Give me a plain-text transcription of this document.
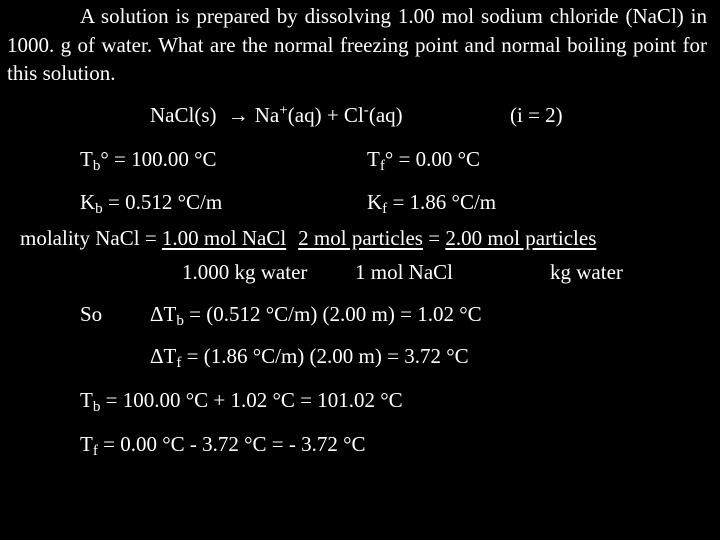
A solution is prepared by dissolving 1.00 mol sodium chloride (NaCl) in 1000. g of water. What are the normal freezing point and normal boiling point for this solution.
NaCl(s) → Na+(aq) + Cl-(aq)	(i = 2)
$T_b^\circ = 100.00$ °C	$T_f^\circ = 0.00$ °C
$K_b = 0.512$ °C/m	$K_f = 1.86$ °C/m
molality NaCl = 1.00 mol NaCl 2 mol particles = 2.00 mol particles
1.000 kg water 1 mol NaCl	kg water
So $\Delta T_b = (0.512$ °C/m) (2.00 m) = 1.02 °C
$\Delta T_f = (1.86$ °C/m) (2.00 m) = 3.72 °C
$T_b = 100.00$ °C + 1.02 °C = 101.02 °C
$T_f = 0.00$ °C - 3.72 °C = - 3.72 °C
